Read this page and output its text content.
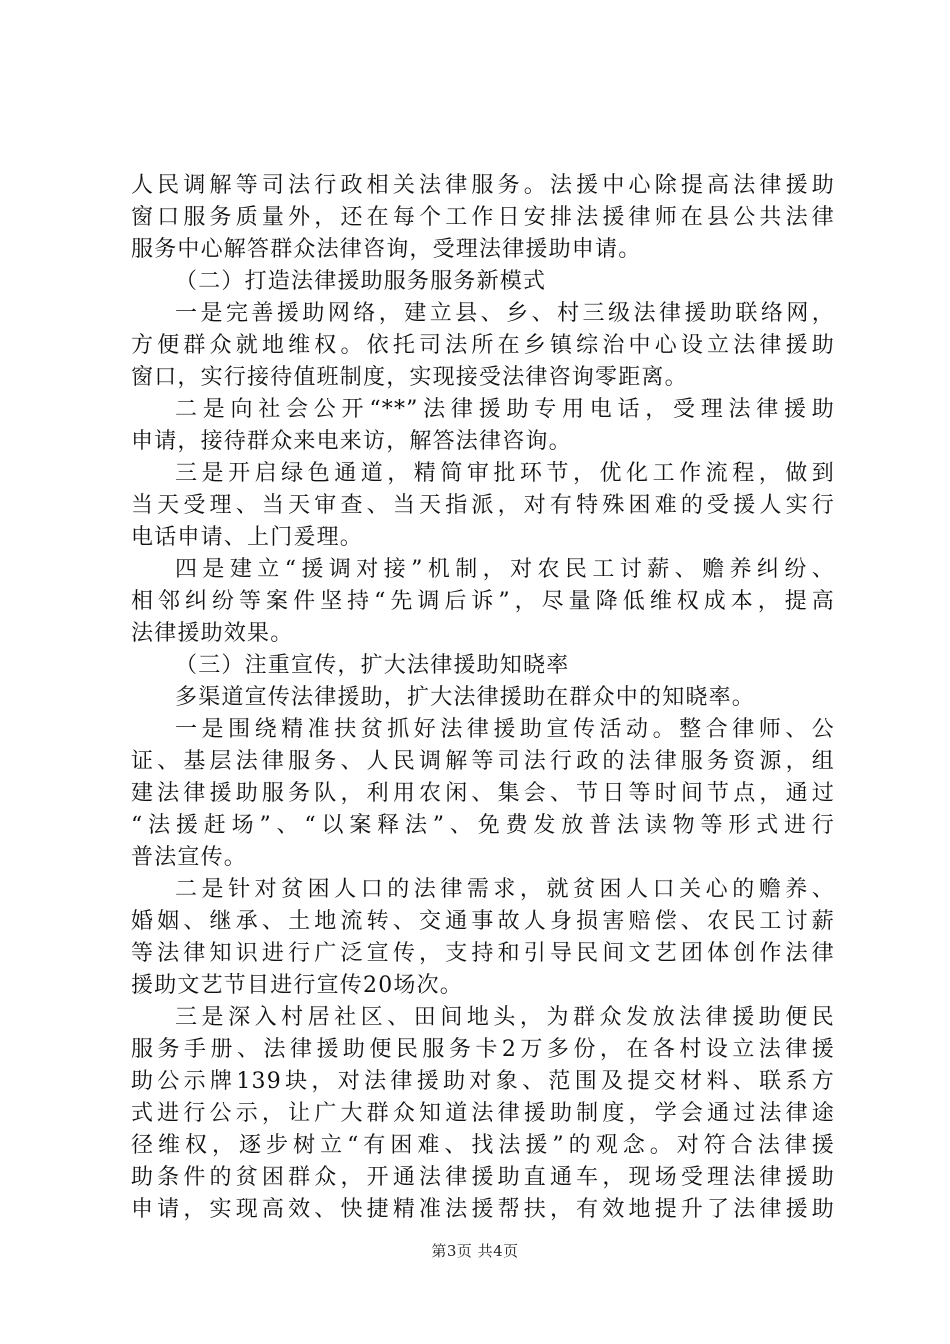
人民调解等司法行政相关法律服务。法援中心除提高法律援助
窗口服务质量外，还在每个工作日安排法援律师在县公共法律
服务中心解答群众法律咨询，受理法律援助申请。
（二）打造法律援助服务服务新模式
一是完善援助网络，建立县、乡、村三级法律援助联络网，
方便群众就地维权。依托司法所在乡镇综治中心设立法律援助
窗口，实行接待值班制度，实现接受法律咨询零距离。
二是向社会公开“**”法律援助专用电话，受理法律援助
申请，接待群众来电来访，解答法律咨询。
三是开启绿色通道，精简审批环节，优化工作流程，做到
当天受理、当天审查、当天指派，对有特殊困难的受援人实行
电话申请、上门爰理。
四是建立“援调对接”机制，对农民工讨薪、赡养纠纷、
相邻纠纷等案件坚持“先调后诉”，尽量降低维权成本，提高
法律援助效果。
（三）注重宣传，扩大法律援助知晓率
多渠道宣传法律援助，扩大法律援助在群众中的知晓率。
一是围绕精准扶贫抓好法律援助宣传活动。整合律师、公
证、基层法律服务、人民调解等司法行政的法律服务资源，组
建法律援助服务队，利用农闲、集会、节日等时间节点，通过
“法援赶场”、“以案释法”、免费发放普法读物等形式进行
普法宣传。
二是针对贫困人口的法律需求，就贫困人口关心的赡养、
婚姻、继承、土地流转、交通事故人身损害赔偿、农民工讨薪
等法律知识进行广泛宣传，支持和引导民间文艺团体创作法律
援助文艺节目进行宣传20场次。
三是深入村居社区、田间地头，为群众发放法律援助便民
服务手册、法律援助便民服务卡2万多份，在各村设立法律援
助公示牌139块，对法律援助对象、范围及提交材料、联系方
式进行公示，让广大群众知道法律援助制度，学会通过法律途
径维权，逐步树立“有困难、找法援”的观念。对符合法律援
助条件的贫困群众，开通法律援助直通车，现场受理法律援助
申请，实现高效、快捷精准法援帮扶，有效地提升了法律援助
第3页 共4页
